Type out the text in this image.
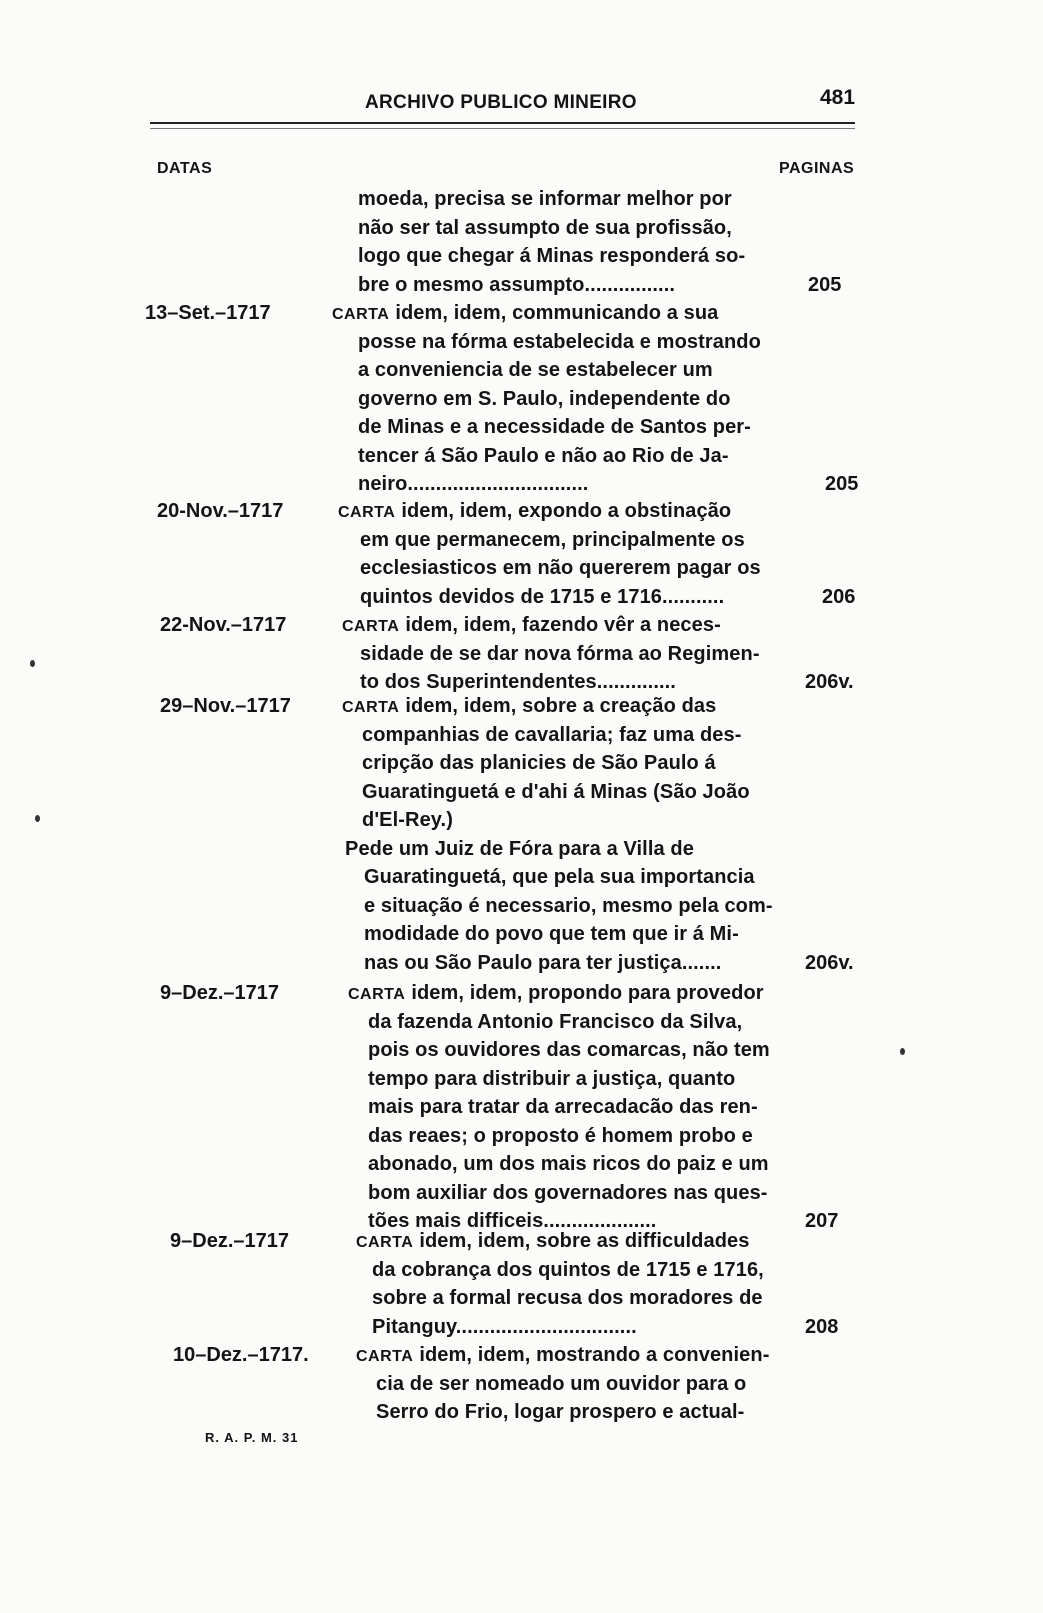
ARCHIVO PUBLICO MINEIRO	481
DATAS	PAGINAS
moeda, precisa se informar melhor por
não ser tal assumpto de sua profissão,
logo que chegar á Minas responderá so-
bre o mesmo assumpto................	205
13–Set.–1717	CARTA idem, idem, communicando a sua
posse na fórma estabelecida e mostrando
a conveniencia de se estabelecer um
governo em S. Paulo, independente do
de Minas e a necessidade de Santos per-
tencer á São Paulo e não ao Rio de Ja-
neiro................................	205
20-Nov.–1717	CARTA idem, idem, expondo a obstinação
em que permanecem, principalmente os
ecclesiasticos em não quererem pagar os
quintos devidos de 1715 e 1716...........	206
22-Nov.–1717	CARTA idem, idem, fazendo vêr a neces-
sidade de se dar nova fórma ao Regimen-
to dos Superintendentes..............	206v.
29–Nov.–1717	CARTA idem, idem, sobre a creação das
companhias de cavallaria; faz uma des-
cripção das planicies de São Paulo á
Guaratinguetá e d'ahi á Minas (São João
d'El-Rey.)
Pede um Juiz de Fóra para a Villa de
Guaratinguetá, que pela sua importancia
e situação é necessario, mesmo pela com-
modidade do povo que tem que ir á Mi-
nas ou São Paulo para ter justiça.......	206v.
9–Dez.–1717	CARTA idem, idem, propondo para provedor
da fazenda Antonio Francisco da Silva,
pois os ouvidores das comarcas, não tem
tempo para distribuir a justiça, quanto
mais para tratar da arrecadacão das ren-
das reaes; o proposto é homem probo e
abonado, um dos mais ricos do paiz e um
bom auxiliar dos governadores nas ques-
tões mais difficeis....................	207
9–Dez.–1717	CARTA idem, idem, sobre as difficuldades
da cobrança dos quintos de 1715 e 1716,
sobre a formal recusa dos moradores de
Pitanguy................................	208
10–Dez.–1717.	CARTA idem, idem, mostrando a convenien-
cia de ser nomeado um ouvidor para o
Serro do Frio, logar prospero e actual-
R. A. P. M. 31
